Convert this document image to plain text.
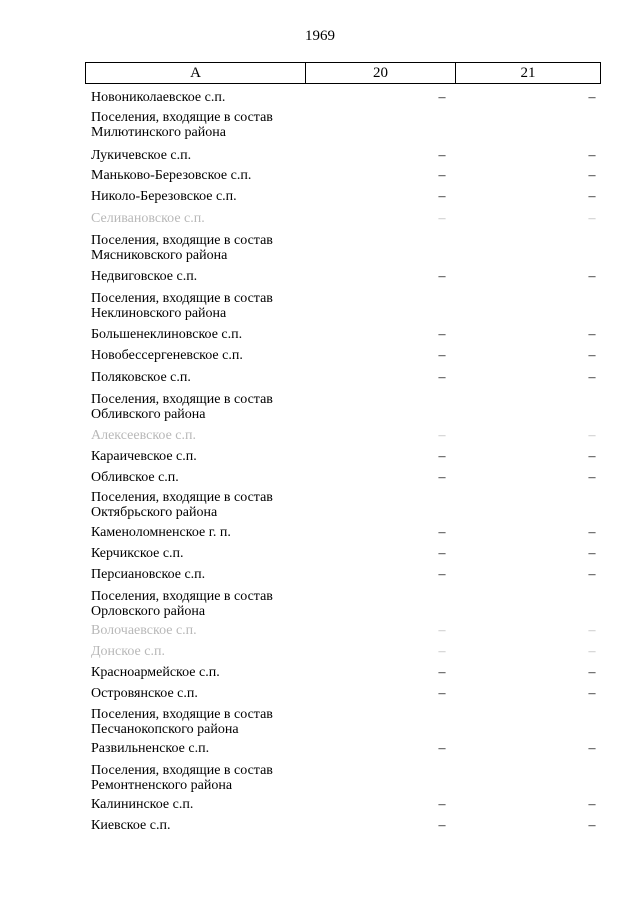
1969
А	20	21
Новониколаевское с.п.	–	–
Поселения, входящие в состав
Милютинского района
Лукичевское с.п.	–	–
Маньково-Березовское с.п.	–	–
Николо-Березовское с.п.	–	–
Селивановское с.п.	–	–
Поселения, входящие в состав
Мясниковского района
Недвиговское с.п.	–	–
Поселения, входящие в состав
Неклиновского района
Большенеклиновское с.п.	–	–
Новобессергеневское с.п.	–	–
Поляковское с.п.	–	–
Поселения, входящие в состав
Обливского района
Алексеевское с.п.	–	–
Караичевское с.п.	–	–
Обливское с.п.	–	–
Поселения, входящие в состав
Октябрьского района
Каменоломненское г. п.	–	–
Керчикское с.п.	–	–
Персиановское с.п.	–	–
Поселения, входящие в состав
Орловского района
Волочаевское с.п.	–	–
Донское с.п.	–	–
Красноармейское с.п.	–	–
Островянское с.п.	–	–
Поселения, входящие в состав
Песчанокопского района
Развильненское с.п.	–	–
Поселения, входящие в состав
Ремонтненского района
Калининское с.п.	–	–
Киевское с.п.	–	–
